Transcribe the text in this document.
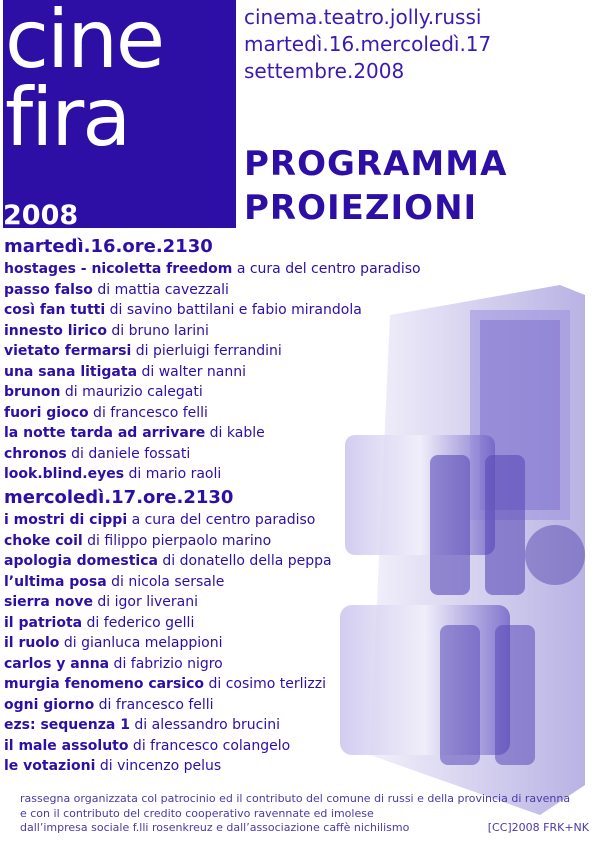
cine
fira
2008
cinema.teatro.jolly.russi
martedì.16.mercoledì.17
settembre.2008
PROGRAMMA
PROIEZIONI
martedì.16.ore.2130
hostages - nicoletta freedom a cura del centro paradiso
passo falso di mattia cavezzali
così fan tutti di savino battilani e fabio mirandola
innesto lirico di bruno larini
vietato fermarsi di pierluigi ferrandini
una sana litigata di walter nanni
brunon di maurizio calegati
fuori gioco di francesco felli
la notte tarda ad arrivare di kable
chronos di daniele fossati
look.blind.eyes di mario raoli
mercoledì.17.ore.2130
i mostri di cippi a cura del centro paradiso
choke coil di filippo pierpaolo marino
apologia domestica di donatello della peppa
l’ultima posa di nicola sersale
sierra nove di igor liverani
il patriota di federico gelli
il ruolo di gianluca melappioni
carlos y anna di fabrizio nigro
murgia fenomeno carsico di cosimo terlizzi
ogni giorno di francesco felli
ezs: sequenza 1 di alessandro brucini
il male assoluto di francesco colangelo
le votazioni di vincenzo pelus
rassegna organizzata col patrocinio ed il contributo del comune di russi e della provincia di ravenna
e con il contributo del credito cooperativo ravennate ed imolese
dall’impresa sociale f.lli rosenkreuz e dall’associazione caffè nichilismo	[CC]2008 FRK+NK
